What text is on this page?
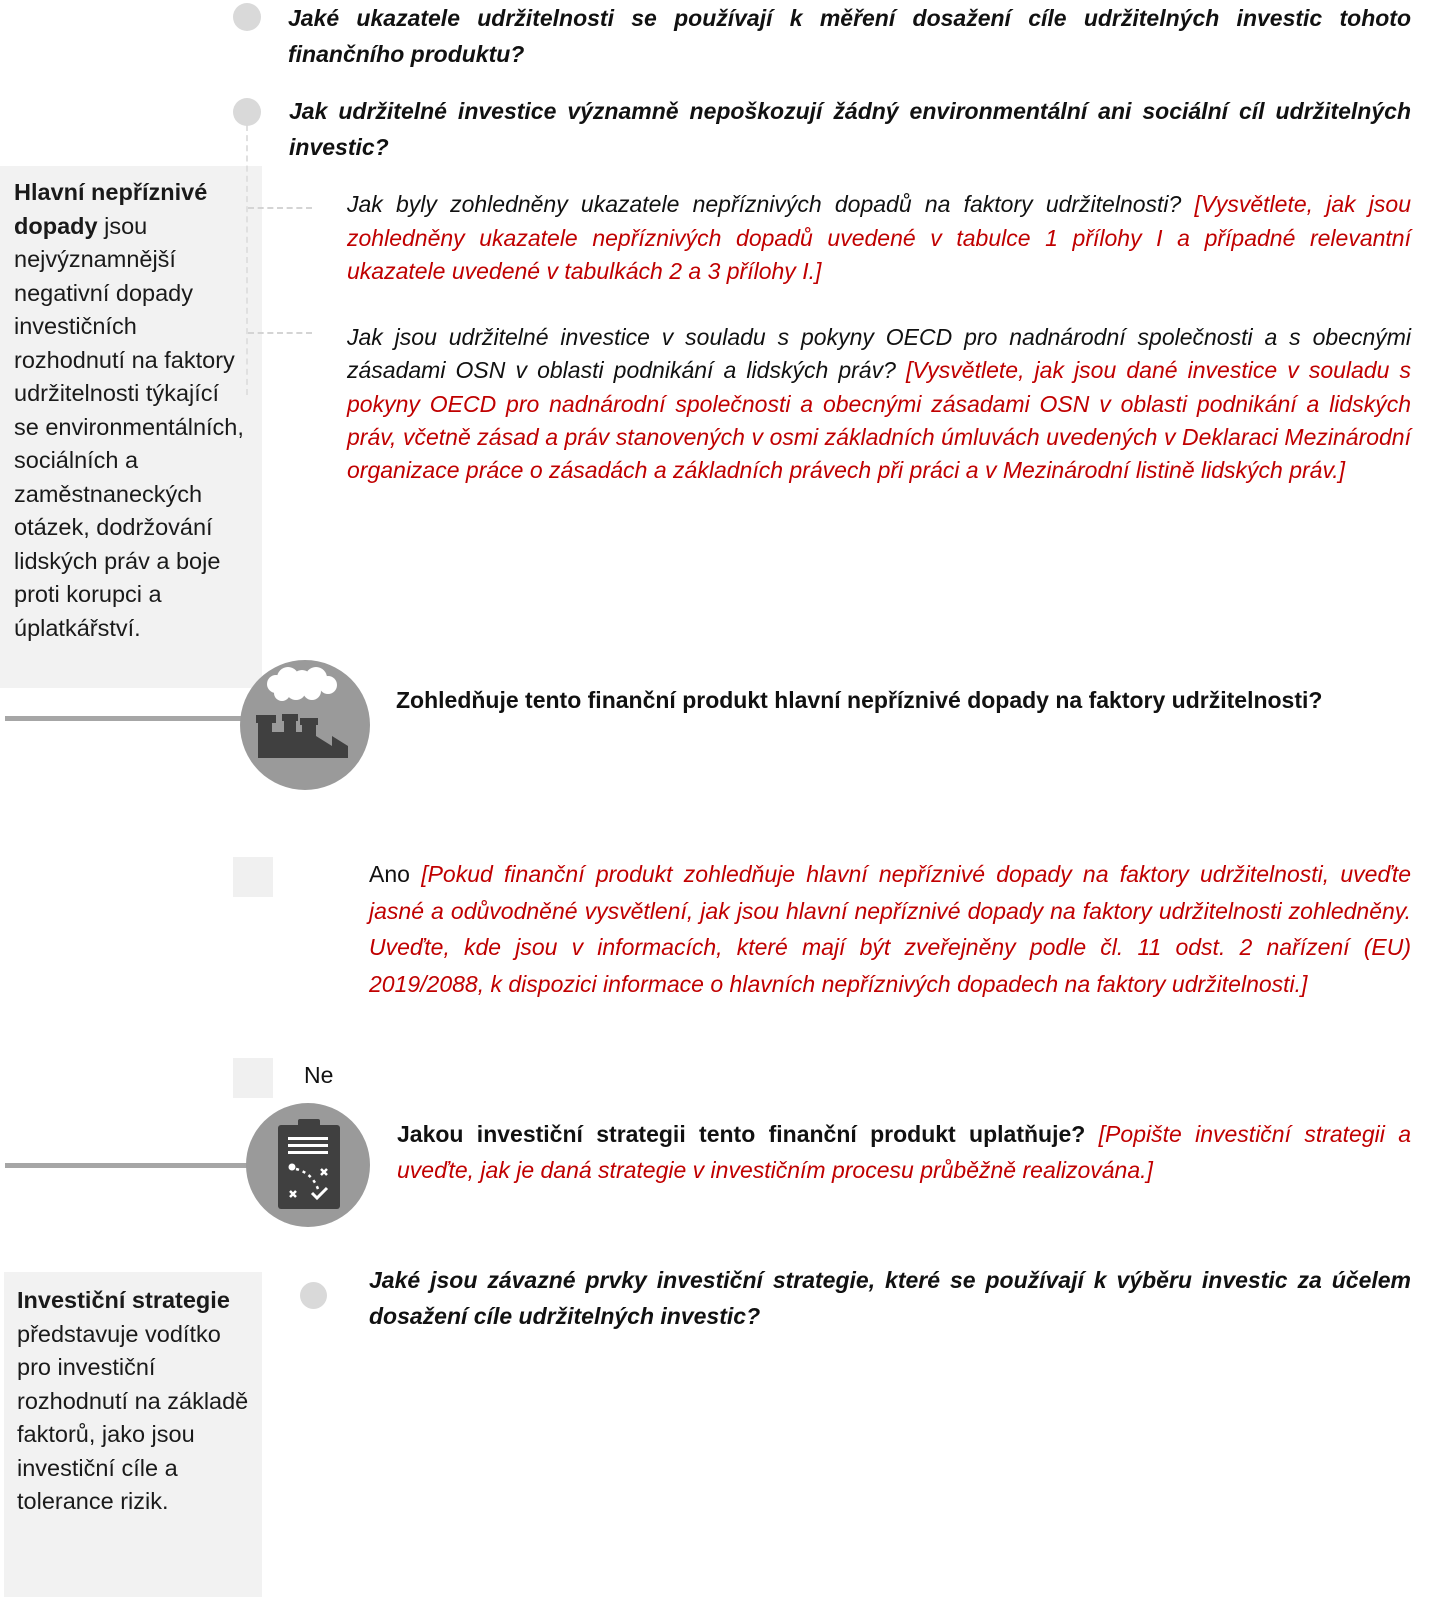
Hlavní nepříznivé dopady jsou nejvýznamnější negativní dopady investičních rozhodnutí na faktory udržitelnosti týkající se environmentálních, sociálních a zaměstnaneckých otázek, dodržování lidských práv a boje proti korupci a úplatkářství.
Investiční strategie představuje vodítko pro investiční rozhodnutí na základě faktorů, jako jsou investiční cíle a tolerance rizik.
Jaké ukazatele udržitelnosti se používají k měření dosažení cíle udržitelných investic tohoto finančního produktu?
Jak udržitelné investice významně nepoškozují žádný environmentální ani sociální cíl udržitelných investic?
Jak byly zohledněny ukazatele nepříznivých dopadů na faktory udržitelnosti? [Vysvětlete, jak jsou zohledněny ukazatele nepříznivých dopadů uvedené v tabulce 1 přílohy I a případné relevantní ukazatele uvedené v tabulkách 2 a 3 přílohy I.]
Jak jsou udržitelné investice v souladu s pokyny OECD pro nadnárodní společnosti a s obecnými zásadami OSN v oblasti podnikání a lidských práv? [Vysvětlete, jak jsou dané investice v souladu s pokyny OECD pro nadnárodní společnosti a obecnými zásadami OSN v oblasti podnikání a lidských práv, včetně zásad a práv stanovených v osmi základních úmluvách uvedených v Deklaraci Mezinárodní organizace práce o zásadách a základních právech při práci a v Mezinárodní listině lidských práv.]
Zohledňuje tento finanční produkt hlavní nepříznivé dopady na faktory udržitelnosti?
Ano [Pokud finanční produkt zohledňuje hlavní nepříznivé dopady na faktory udržitelnosti, uveďte jasné a odůvodněné vysvětlení, jak jsou hlavní nepříznivé dopady na faktory udržitelnosti zohledněny. Uveďte, kde jsou v informacích, které mají být zveřejněny podle čl. 11 odst. 2 nařízení (EU) 2019/2088, k dispozici informace o hlavních nepříznivých dopadech na faktory udržitelnosti.]
Ne
Jakou investiční strategii tento finanční produkt uplatňuje? [Popište investiční strategii a uveďte, jak je daná strategie v investičním procesu průběžně realizována.]
Jaké jsou závazné prvky investiční strategie, které se používají k výběru investic za účelem dosažení cíle udržitelných investic?
